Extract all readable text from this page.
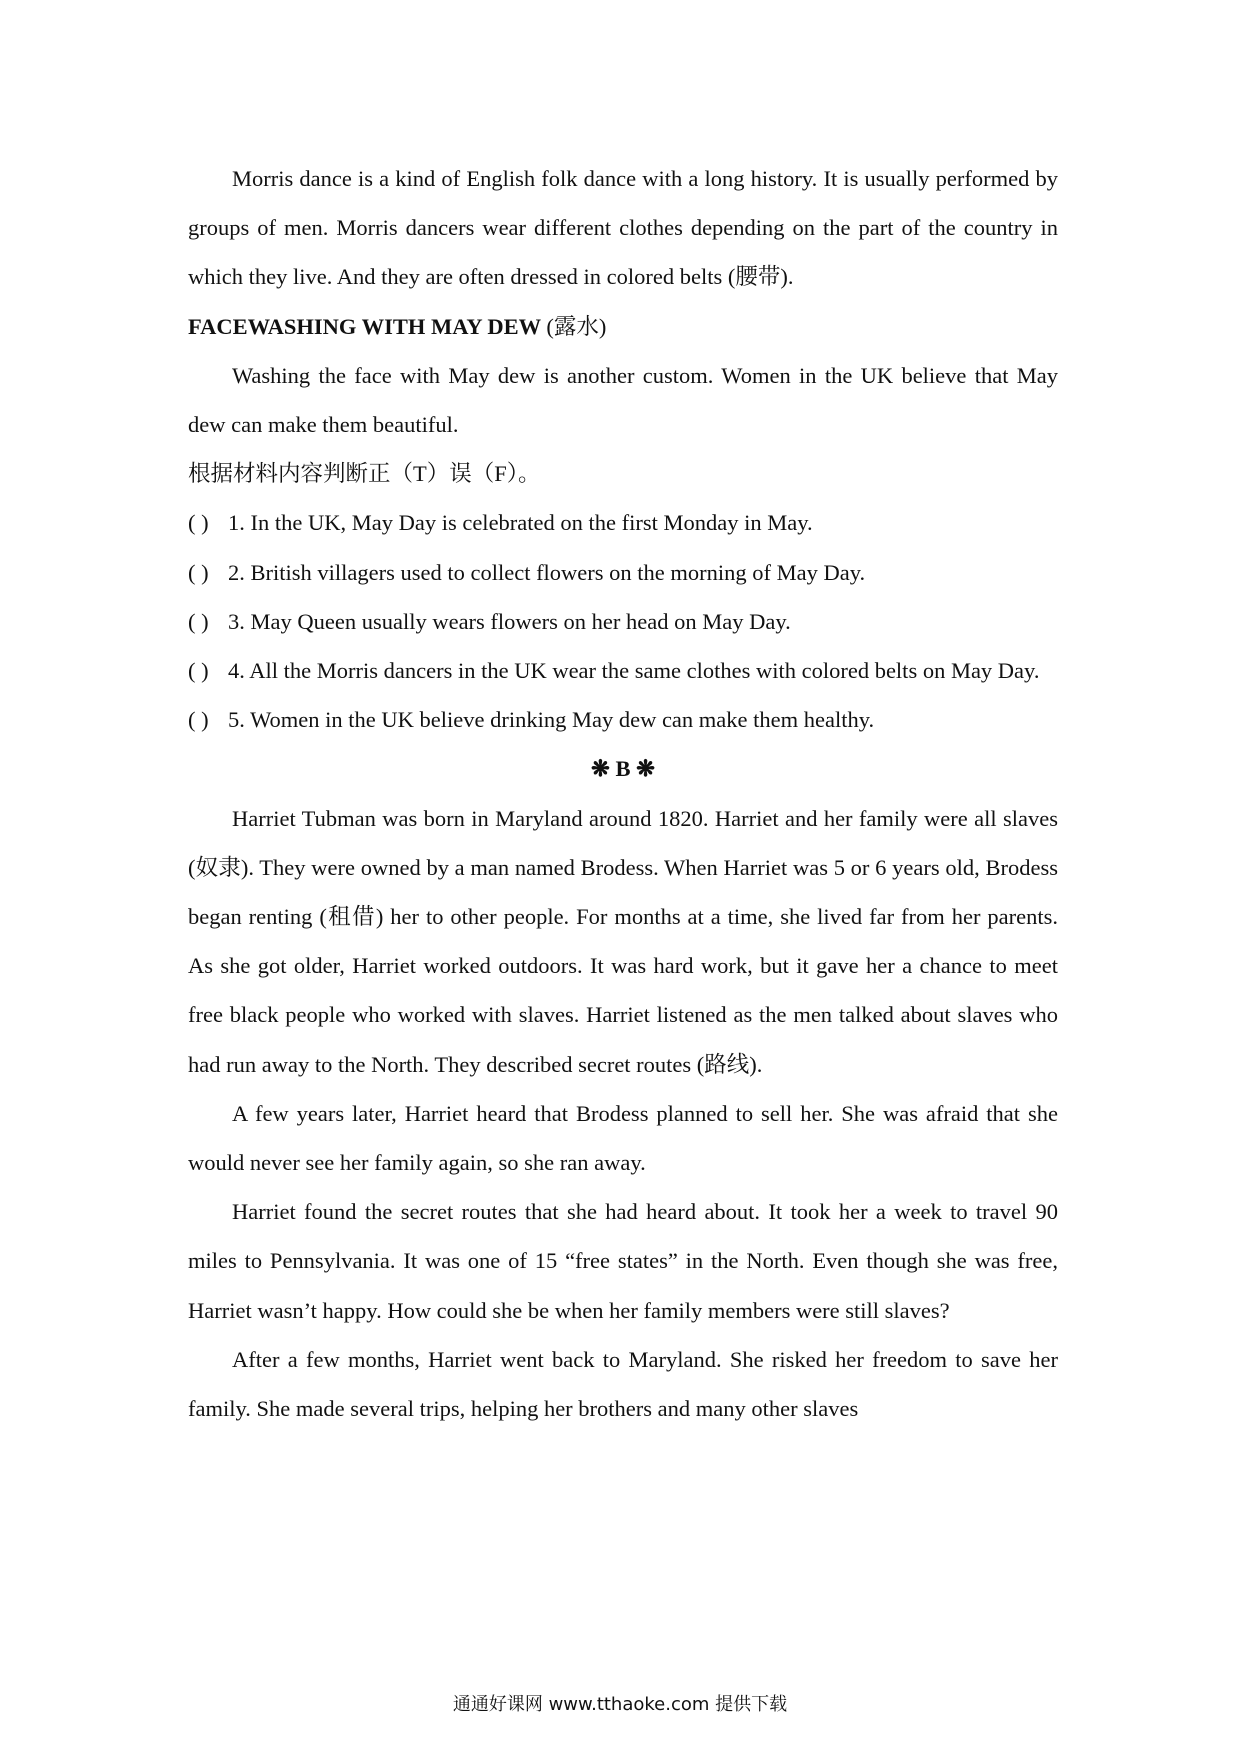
Morris dance is a kind of English folk dance with a long history. It is usually performed by groups of men. Morris dancers wear different clothes depending on the part of the country in which they live. And they are often dressed in colored belts (腰带).

FACEWASHING WITH MAY DEW (露水)

Washing the face with May dew is another custom. Women in the UK believe that May dew can make them beautiful.

根据材料内容判断正（T）误（F）。

( ) 1. In the UK, May Day is celebrated on the first Monday in May.

( ) 2. British villagers used to collect flowers on the morning of May Day.

( ) 3. May Queen usually wears flowers on her head on May Day.

( ) 4. All the Morris dancers in the UK wear the same clothes with colored belts on May Day.

( ) 5. Women in the UK believe drinking May dew can make them healthy.

❋ B ❋

Harriet Tubman was born in Maryland around 1820. Harriet and her family were all slaves (奴隶). They were owned by a man named Brodess. When Harriet was 5 or 6 years old, Brodess began renting (租借) her to other people. For months at a time, she lived far from her parents. As she got older, Harriet worked outdoors. It was hard work, but it gave her a chance to meet free black people who worked with slaves. Harriet listened as the men talked about slaves who had run away to the North. They described secret routes (路线).

A few years later, Harriet heard that Brodess planned to sell her. She was afraid that she would never see her family again, so she ran away.

Harriet found the secret routes that she had heard about. It took her a week to travel 90 miles to Pennsylvania. It was one of 15 “free states” in the North. Even though she was free, Harriet wasn’t happy. How could she be when her family members were still slaves?

After a few months, Harriet went back to Maryland. She risked her freedom to save her family. She made several trips, helping her brothers and many other slaves

通通好课网 www.tthaoke.com 提供下载
